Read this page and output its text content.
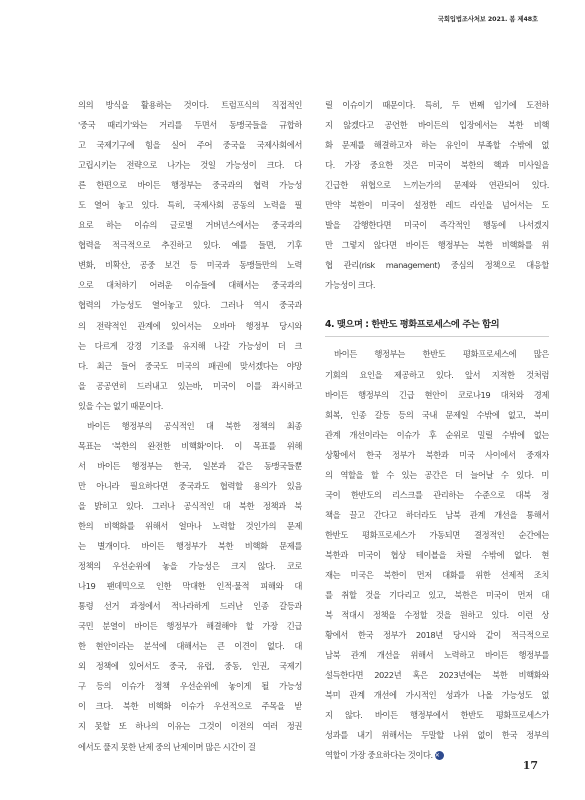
국회입법조사처보 2021. 봄 제48호
의의 방식을 활용하는 것이다. 트럼프식의 직접적인
'중국 때리기'와는 거리를 두면서 동맹국들을 규합하
고 국제기구에 힘을 실어 주어 중국을 국제사회에서
고립시키는 전략으로 나가는 것일 가능성이 크다. 다
른 한편으로 바이든 행정부는 중국과의 협력 가능성
도 열어 놓고 있다. 특히, 국제사회 공동의 노력을 필
요로 하는 이슈의 글로벌 거버넌스에서는 중국과의
협력을 적극적으로 추진하고 있다. 예를 들면, 기후
변화, 비확산, 공중 보건 등 미국과 동맹들만의 노력
으로 대처하기 어려운 이슈들에 대해서는 중국과의
협력의 가능성도 열어놓고 있다. 그러나 역시 중국과
의 전략적인 관계에 있어서는 오바마 행정부 당시와
는 다르게 강경 기조를 유지해 나갈 가능성이 더 크
다. 최근 들어 중국도 미국의 패권에 맞서겠다는 야망
을 공공연히 드러내고 있는바, 미국이 이를 좌시하고
있을 수는 없기 때문이다.
바이든 행정부의 공식적인 대 북한 정책의 최종
목표는 '북한의 완전한 비핵화'이다. 이 목표를 위해
서 바이든 행정부는 한국, 일본과 같은 동맹국들뿐
만 아니라 필요하다면 중국과도 협력할 용의가 있음
을 밝히고 있다. 그러나 공식적인 대 북한 정책과 북
한의 비핵화를 위해서 얼마나 노력할 것인가의 문제
는 별개이다. 바이든 행정부가 북한 비핵화 문제를
정책의 우선순위에 놓을 가능성은 크지 않다. 코로
나19 팬데믹으로 인한 막대한 인적·물적 피해와 대
통령 선거 과정에서 적나라하게 드러난 인종 갈등과
국민 분열이 바이든 행정부가 해결해야 할 가장 긴급
한 현안이라는 분석에 대해서는 큰 이견이 없다. 대
외 정책에 있어서도 중국, 유럽, 중동, 인권, 국제기
구 등의 이슈가 정책 우선순위에 놓이게 될 가능성
이 크다. 북한 비핵화 이슈가 우선적으로 주목을 받
지 못할 또 하나의 이유는 그것이 이전의 여러 정권
에서도 풀지 못한 난제 중의 난제이며 많은 시간이 걸
릴 이슈이기 때문이다. 특히, 두 번째 임기에 도전하
지 않겠다고 공언한 바이든의 입장에서는 북한 비핵
화 문제를 해결하고자 하는 유인이 부족할 수밖에 없
다. 가장 중요한 것은 미국이 북한의 핵과 미사일을
긴급한 위협으로 느끼는가의 문제와 연관되어 있다.
만약 북한이 미국이 설정한 레드 라인을 넘어서는 도
발을 감행한다면 미국이 즉각적인 행동에 나서겠지
만 그렇지 않다면 바이든 행정부는 북한 비핵화를 위
협 관리(risk management) 중심의 정책으로 대응할
가능성이 크다.
4. 맺으며 : 한반도 평화프로세스에 주는 함의
바이든 행정부는 한반도 평화프로세스에 많은
기회의 요인을 제공하고 있다. 앞서 지적한 것처럼
바이든 행정부의 긴급 현안이 코로나19 대처와 경제
회복, 인종 갈등 등의 국내 문제일 수밖에 없고, 북미
관계 개선이라는 이슈가 후 순위로 밀릴 수밖에 없는
상황에서 한국 정부가 북한과 미국 사이에서 중재자
의 역할을 할 수 있는 공간은 더 늘어날 수 있다. 미
국이 한반도의 리스크를 관리하는 수준으로 대북 정
책을 끌고 간다고 하더라도 남북 관계 개선을 통해서
한반도 평화프로세스가 가동되면 결정적인 순간에는
북한과 미국이 협상 테이블을 차릴 수밖에 없다. 현
재는 미국은 북한이 먼저 대화를 위한 선제적 조치
를 취할 것을 기다리고 있고, 북한은 미국이 먼저 대
북 적대시 정책을 수정할 것을 원하고 있다. 이런 상
황에서 한국 정부가 2018년 당시와 같이 적극적으로
남북 관계 개선을 위해서 노력하고 바이든 행정부를
설득한다면 2022년 혹은 2023년에는 북한 비핵화와
북미 관계 개선에 가시적인 성과가 나올 가능성도 없
지 않다. 바이든 행정부에서 한반도 평화프로세스가
성과를 내기 위해서는 두말할 나위 없이 한국 정부의
역할이 가장 중요하다는 것이다. ✕
17
